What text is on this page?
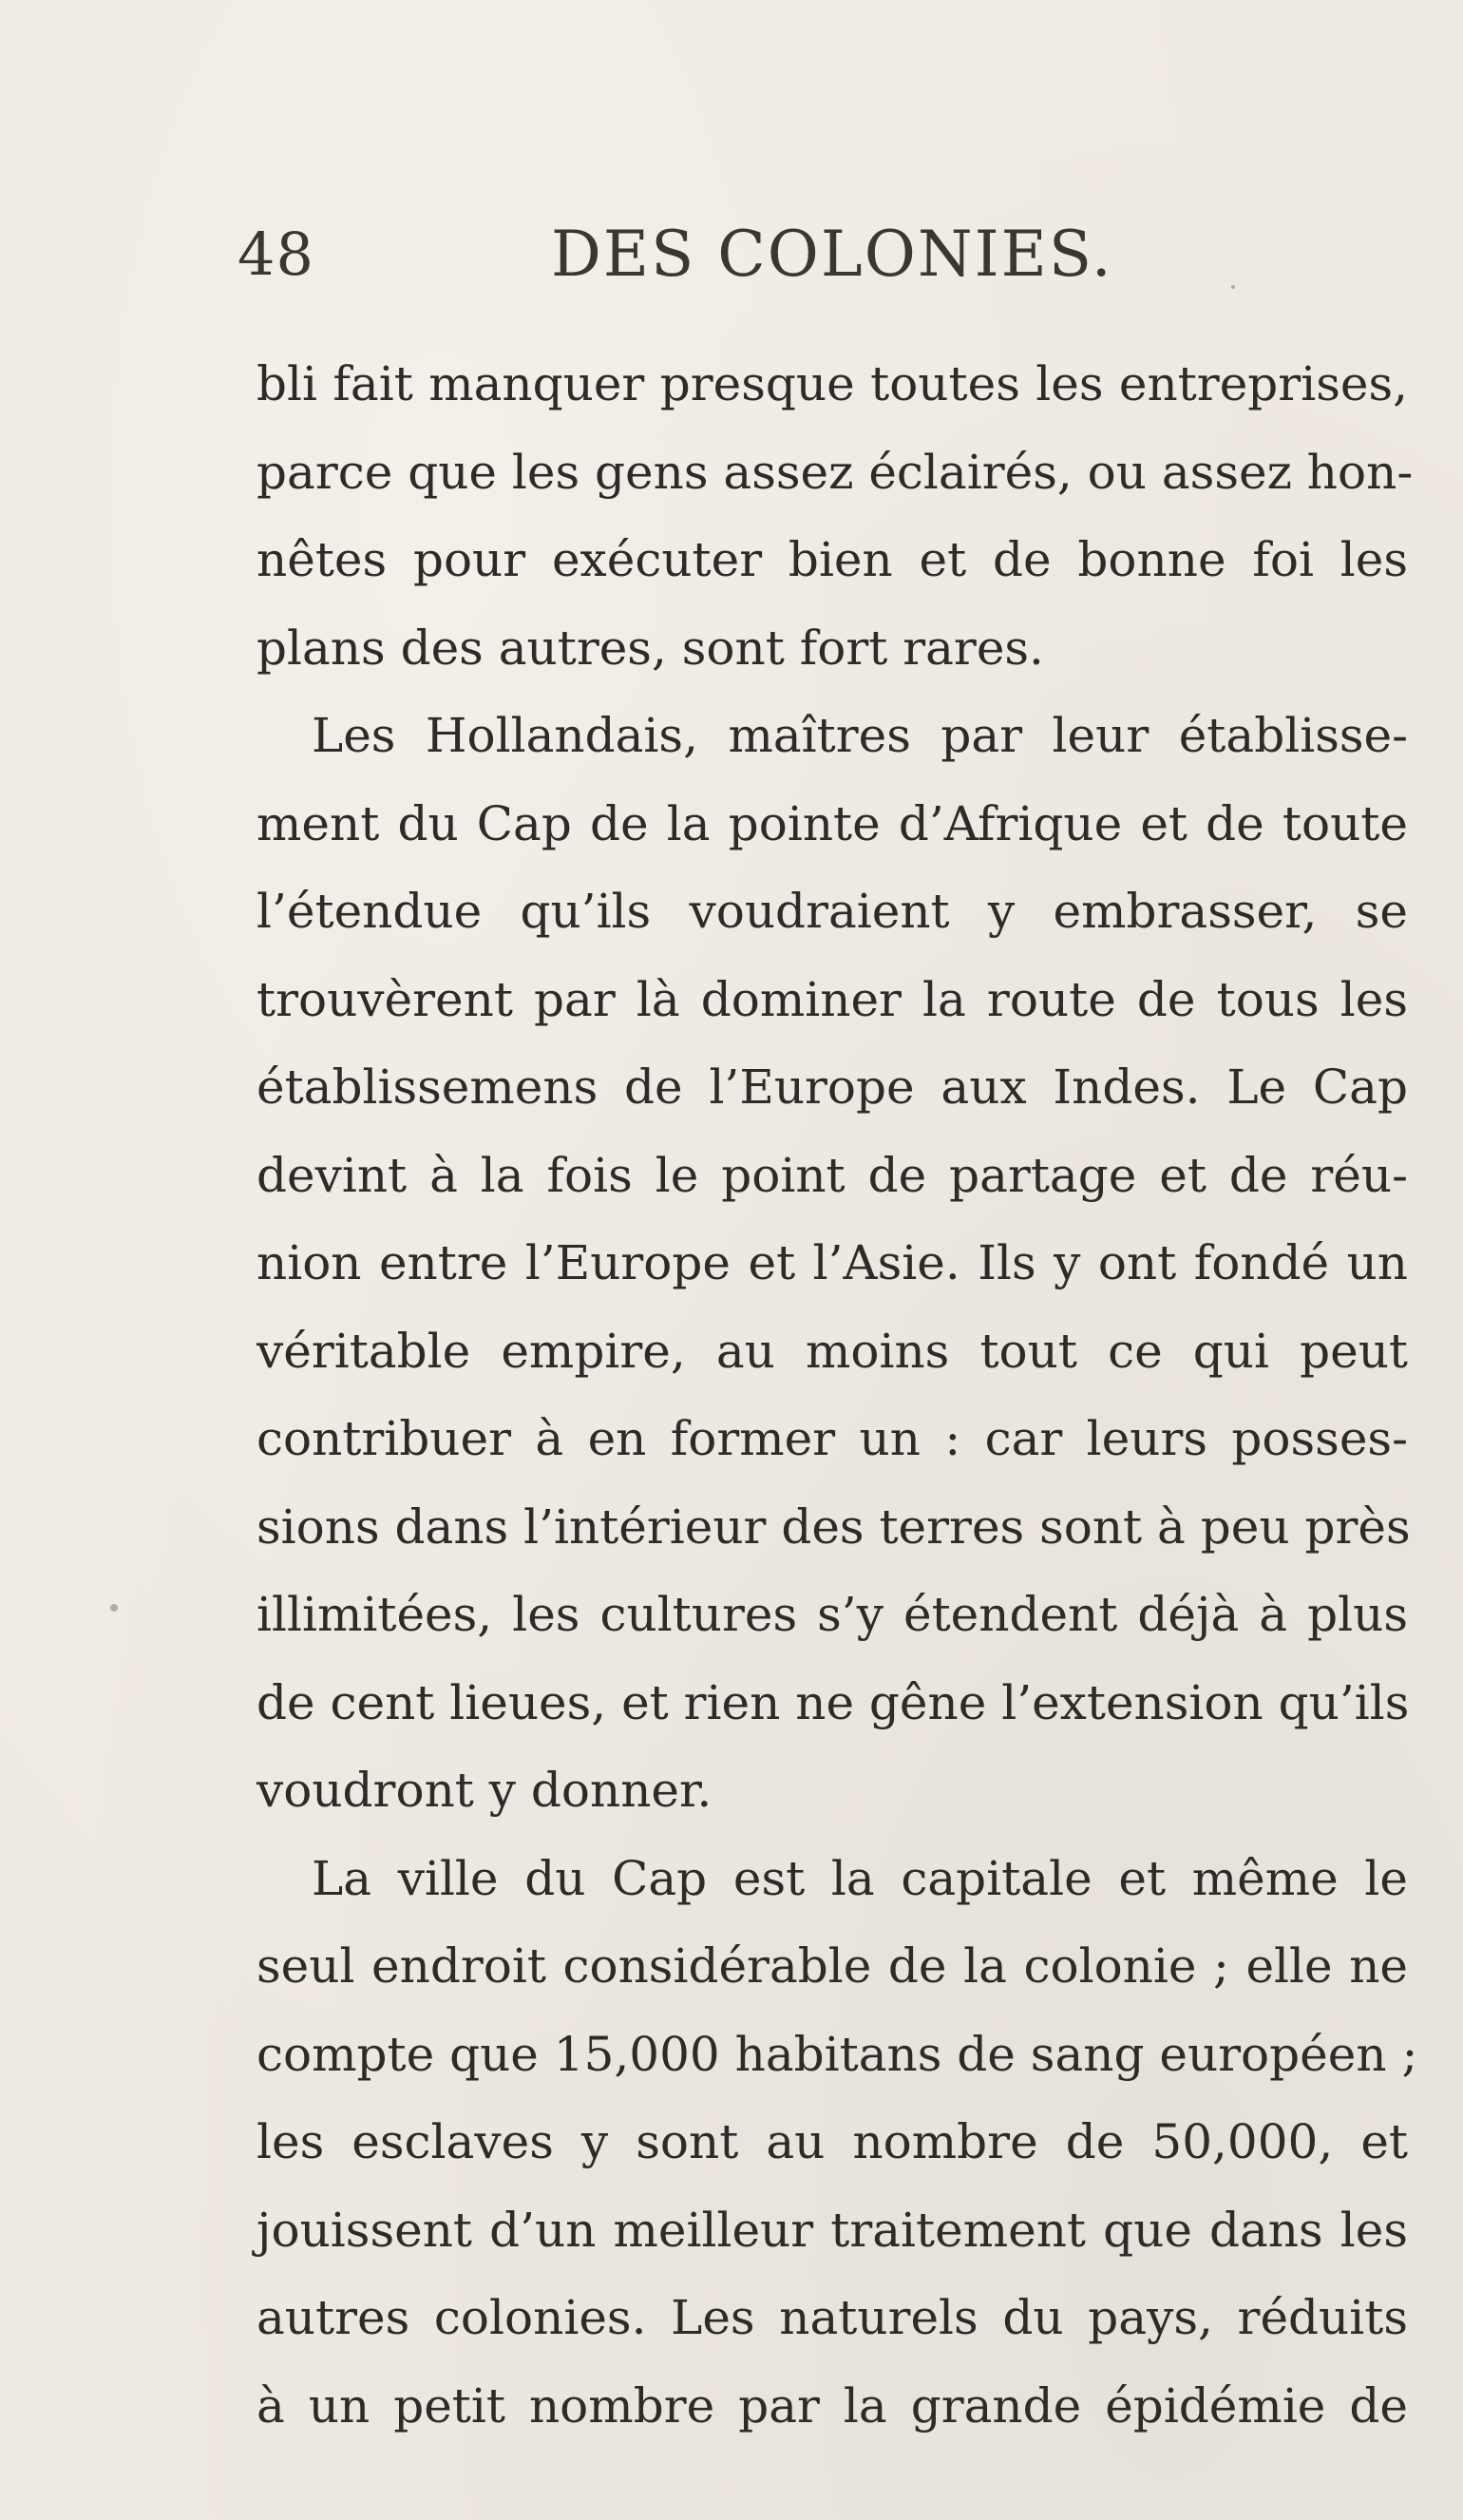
48	DES COLONIES.
bli fait manquer presque toutes les entreprises,
parce que les gens assez éclairés, ou assez hon-
nêtes pour exécuter bien et de bonne foi les
plans des autres, sont fort rares.
Les Hollandais, maîtres par leur établisse-
ment du Cap de la pointe d’Afrique et de toute
l’étendue qu’ils voudraient y embrasser, se
trouvèrent par là dominer la route de tous les
établissemens de l’Europe aux Indes. Le Cap
devint à la fois le point de partage et de réu-
nion entre l’Europe et l’Asie. Ils y ont fondé un
véritable empire, au moins tout ce qui peut
contribuer à en former un : car leurs posses-
sions dans l’intérieur des terres sont à peu près
illimitées, les cultures s’y étendent déjà à plus
de cent lieues, et rien ne gêne l’extension qu’ils
voudront y donner.
La ville du Cap est la capitale et même le
seul endroit considérable de la colonie ; elle ne
compte que 15,000 habitans de sang européen ;
les esclaves y sont au nombre de 50,000, et
jouissent d’un meilleur traitement que dans les
autres colonies. Les naturels du pays, réduits
à un petit nombre par la grande épidémie de
